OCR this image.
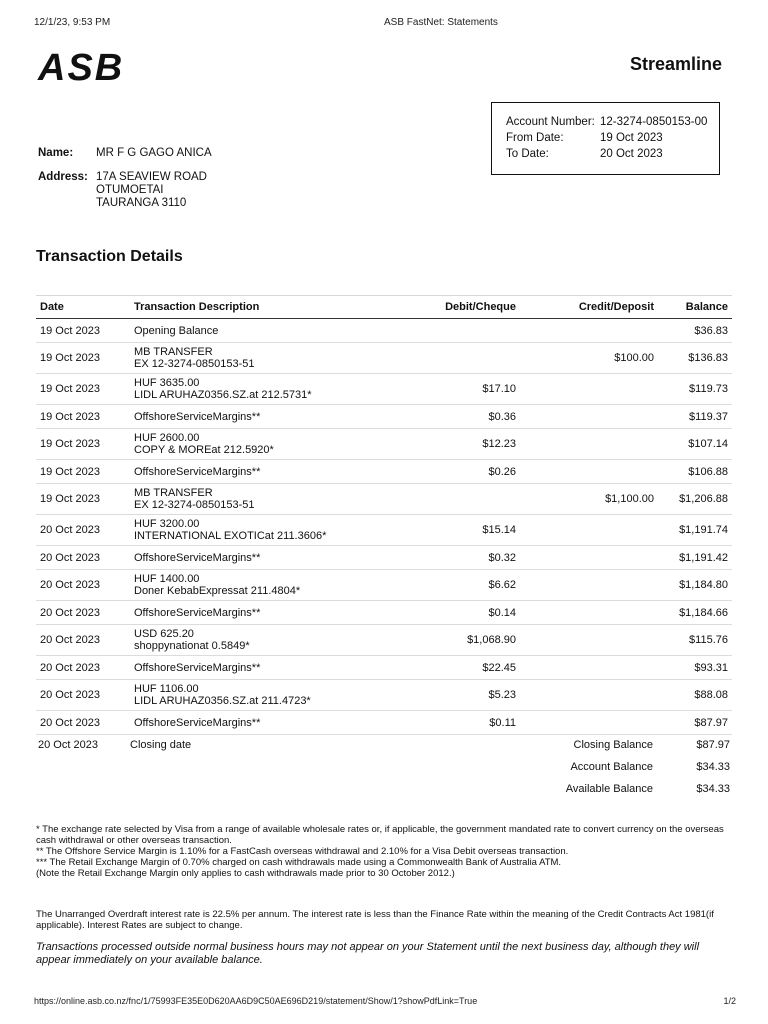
12/1/23, 9:53 PM	ASB FastNet: Statements
ASB	Streamline
Account Number: 12-3274-0850153-00
From Date:	19 Oct 2023
To Date:	20 Oct 2023
Name: MR F G GAGO ANICA
Address: 17A SEAVIEW ROAD
OTUMOETAI
TAURANGA 3110
Transaction Details
Date	Transaction Description	Debit/Cheque	Credit/Deposit	Balance
19 Oct 2023	Opening Balance			$36.83
19 Oct 2023	MB TRANSFER
EX 12-3274-0850153-51		$100.00	$136.83
19 Oct 2023	HUF 3635.00
LIDL ARUHAZ0356.SZ.at 212.5731*	$17.10		$119.73
19 Oct 2023	OffshoreServiceMargins**	$0.36		$119.37
19 Oct 2023	HUF 2600.00
COPY & MOREat 212.5920*	$12.23		$107.14
19 Oct 2023	OffshoreServiceMargins**	$0.26		$106.88
19 Oct 2023	MB TRANSFER
EX 12-3274-0850153-51		$1,100.00	$1,206.88
20 Oct 2023	HUF 3200.00
INTERNATIONAL EXOTICat 211.3606*	$15.14		$1,191.74
20 Oct 2023	OffshoreServiceMargins**	$0.32		$1,191.42
20 Oct 2023	HUF 1400.00
Doner KebabExpressat 211.4804*	$6.62		$1,184.80
20 Oct 2023	OffshoreServiceMargins**	$0.14		$1,184.66
20 Oct 2023	USD 625.20
shoppynationat 0.5849*	$1,068.90		$115.76
20 Oct 2023	OffshoreServiceMargins**	$22.45		$93.31
20 Oct 2023	HUF 1106.00
LIDL ARUHAZ0356.SZ.at 211.4723*	$5.23		$88.08
20 Oct 2023	OffshoreServiceMargins**	$0.11		$87.97
20 Oct 2023	Closing date	Closing Balance	$87.97
Account Balance	$34.33
Available Balance	$34.33
* The exchange rate selected by Visa from a range of available wholesale rates or, if applicable, the government mandated rate to convert currency on the overseas cash withdrawal or other overseas transaction.
** The Offshore Service Margin is 1.10% for a FastCash overseas withdrawal and 2.10% for a Visa Debit overseas transaction.
*** The Retail Exchange Margin of 0.70% charged on cash withdrawals made using a Commonwealth Bank of Australia ATM.
(Note the Retail Exchange Margin only applies to cash withdrawals made prior to 30 October 2012.)
The Unarranged Overdraft interest rate is 22.5% per annum. The interest rate is less than the Finance Rate within the meaning of the Credit Contracts Act 1981(if applicable). Interest Rates are subject to change.
Transactions processed outside normal business hours may not appear on your Statement until the next business day, although they will appear immediately on your available balance.
https://online.asb.co.nz/fnc/1/75993FE35E0D620AA6D9C50AE696D219/statement/Show/1?showPdfLink=True	1/2
